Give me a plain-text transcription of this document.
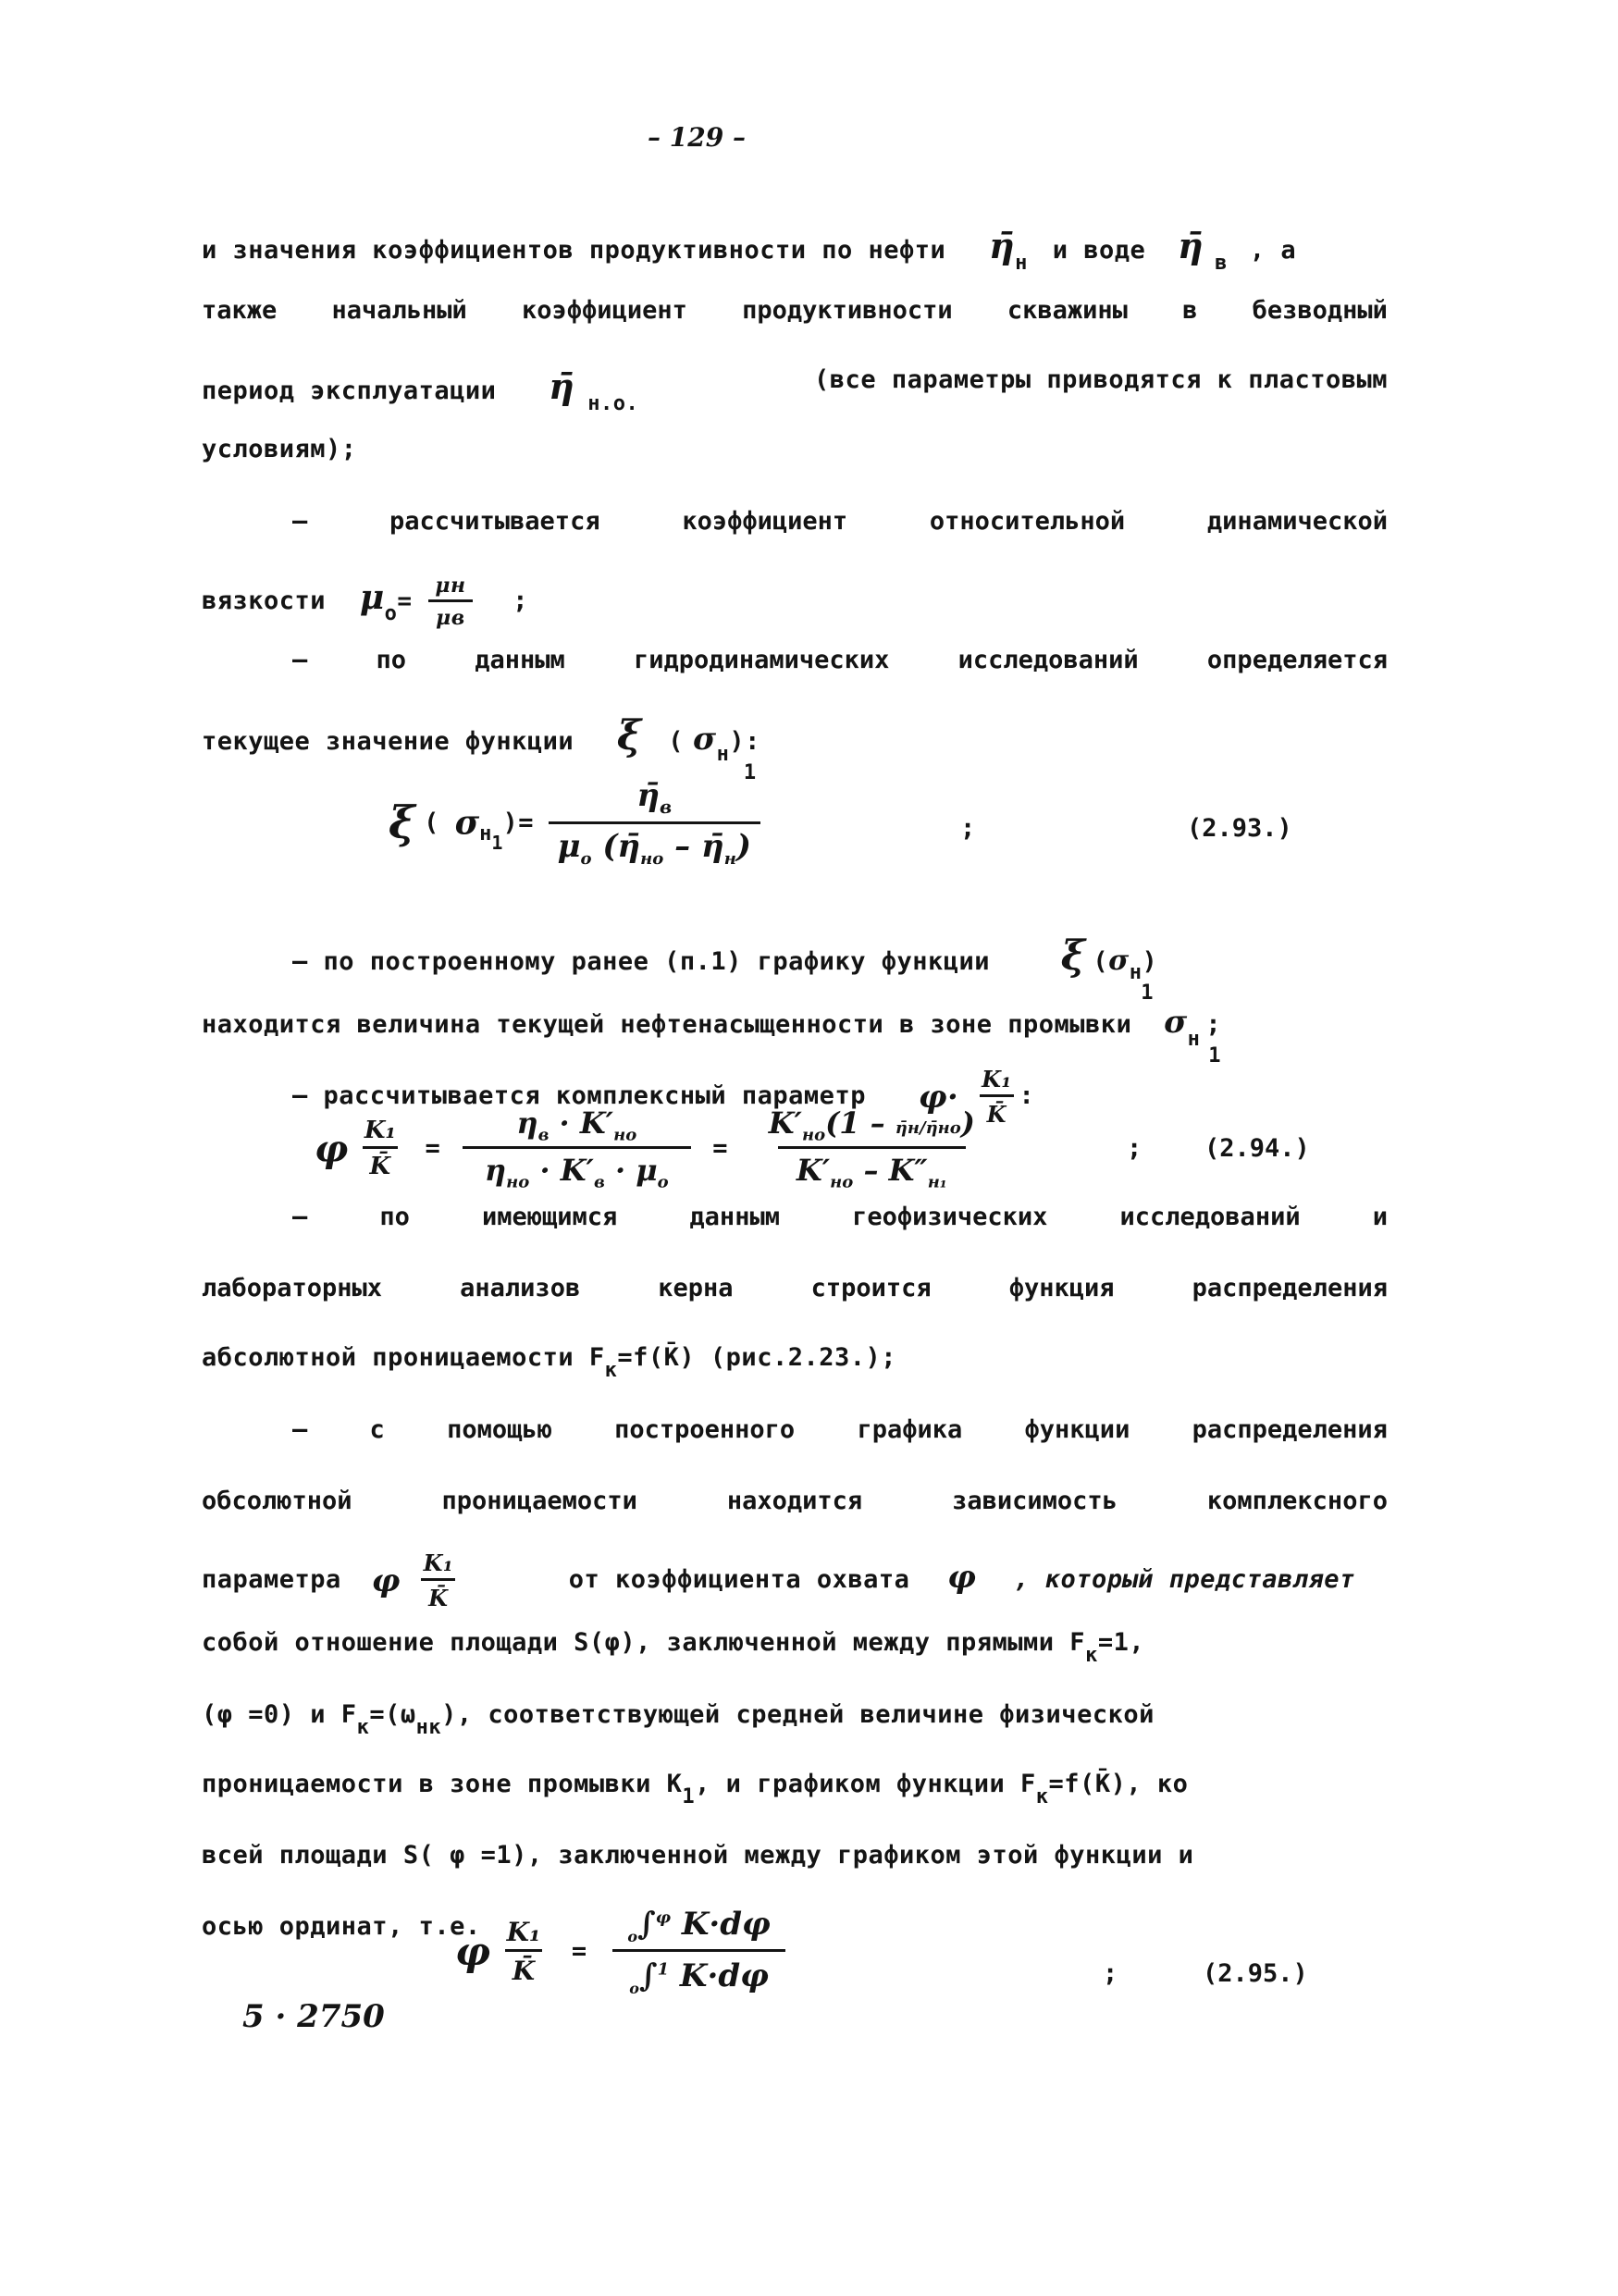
– 129 –
и значения коэффициентов продуктивности по нефти $\etā_н$ и воде η̄ $_в$ , а
также начальный коэффициент продуктивности скважины в безводный
период эксплуатации η̄ $_{н.о.}$
(все параметры приводятся к пластовым
условиям);
–	рассчитывается	коэффициент	относительной	динамической
вязкости $\mu_о= \frac{\mu н}{\mu в}$ ;
–	по	данным	гидродинамических	исследований	определяется
текущее значение функции ξ ( $\sigma_н):_1$
ξ ( $\sigma н1)= \frac{\etā_в}{\mu_о (\etā_{но} - \etā_н)}$	;	(2.93.)
– по построенному ранее (п.1) графику функции ξ $(\sigma_н)_1$
находится величина текущей нефтенасыщенности в зоне промывки $\sigma_н;_1$
– рассчитывается комплексный параметр $\varphi\cdot \frac{\text{K₁}}{K̄}$ :
φ $\frac{\text{K₁}}{K̄} = \frac{\eta_в \cdot K'_{но}}{\eta_{но} \cdot K'_в \cdot \mu_о} = \frac{K'_{но}(1 - \etāн/\etāно)}{K'_{но} - K''_{н_1}}$	;	(2.94.)
–	по	имеющимся	данным	геофизических	исследований	и
лабораторных	анализов	керна	строится	функция	распределения
абсолютной проницаемости $F_к=f(K̄)$ (рис.2.23.);
– с помощью построенного графика функции распределения
обсолютной	проницаемости	находится	зависимость	комплексного
параметра φ $\frac{\text{K₁}}{K̄}$	от коэффициента охвата φ , который представляет
собой отношение площади S(φ), заключенной между прямыми $F_к=1$,
(φ =0) и $F_к=(\omega_{нк})$, соответствующей средней величине физической
проницаемости в зоне промывки $K_1$, и графиком функции $F_к=f(K̄)$, ко
всей площади S( φ =1), заключенной между графиком этой функции и
осью ординат, т.е.
φ $\frac{\text{K₁}}{K̄} = \frac{_о\int^\varphi K\cdot d\varphi}{_о\int^1 K\cdot d\varphi}$	;	(2.95.)
5 · 2750
